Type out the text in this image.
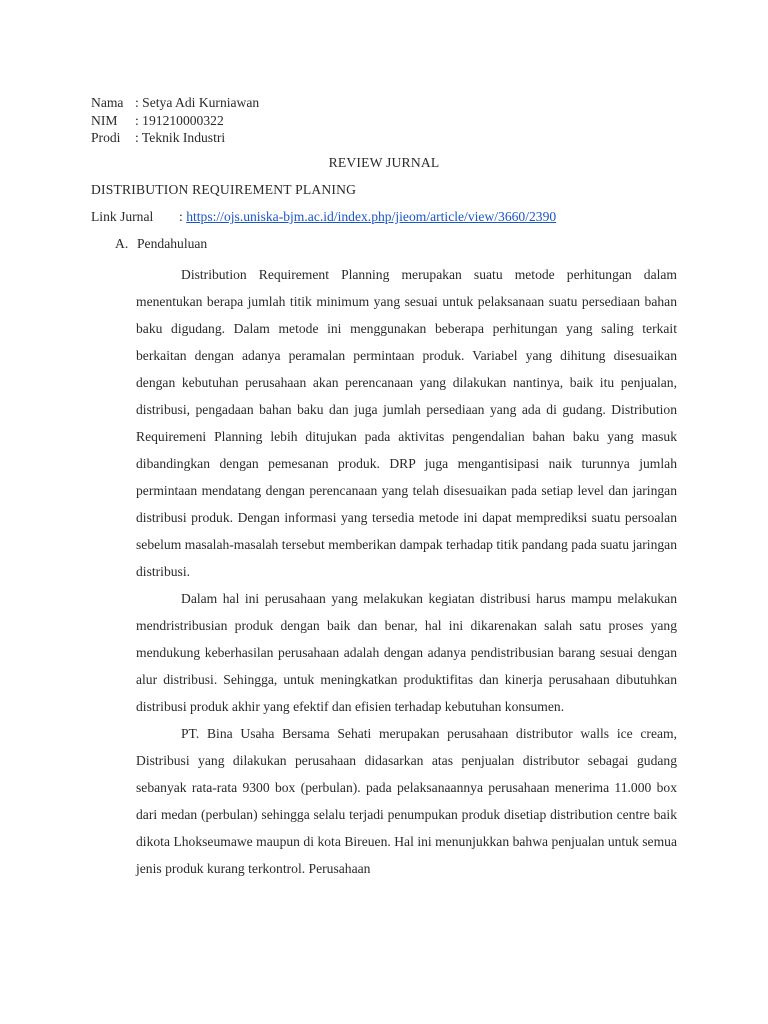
Nama : Setya Adi Kurniawan
NIM	: 191210000322
Prodi	: Teknik Industri
REVIEW JURNAL
DISTRIBUTION REQUIREMENT PLANING
Link Jurnal : https://ojs.uniska-bjm.ac.id/index.php/jieom/article/view/3660/2390
A. Pendahuluan

Distribution Requirement Planning merupakan suatu metode perhitungan dalam menentukan berapa jumlah titik minimum yang sesuai untuk pelaksanaan suatu persediaan bahan baku digudang. Dalam metode ini menggunakan beberapa perhitungan yang saling terkait berkaitan dengan adanya peramalan permintaan produk. Variabel yang dihitung disesuaikan dengan kebutuhan perusahaan akan perencanaan yang dilakukan nantinya, baik itu penjualan, distribusi, pengadaan bahan baku dan juga jumlah persediaan yang ada di gudang. Distribution Requiremeni Planning lebih ditujukan pada aktivitas pengendalian bahan baku yang masuk dibandingkan dengan pemesanan produk. DRP juga mengantisipasi naik turunnya jumlah permintaan mendatang dengan perencanaan yang telah disesuaikan pada setiap level dan jaringan distribusi produk. Dengan informasi yang tersedia metode ini dapat memprediksi suatu persoalan sebelum masalah-masalah tersebut memberikan dampak terhadap titik pandang pada suatu jaringan distribusi.

Dalam hal ini perusahaan yang melakukan kegiatan distribusi harus mampu melakukan mendristribusian produk dengan baik dan benar, hal ini dikarenakan salah satu proses yang mendukung keberhasilan perusahaan adalah dengan adanya pendistribusian barang sesuai dengan alur distribusi. Sehingga, untuk meningkatkan produktifitas dan kinerja perusahaan dibutuhkan distribusi produk akhir yang efektif dan efisien terhadap kebutuhan konsumen.

PT. Bina Usaha Bersama Sehati merupakan perusahaan distributor walls ice cream, Distribusi yang dilakukan perusahaan didasarkan atas penjualan distributor sebagai gudang sebanyak rata-rata 9300 box (perbulan). pada pelaksanaannya perusahaan menerima 11.000 box dari medan (perbulan) sehingga selalu terjadi penumpukan produk disetiap distribution centre baik dikota Lhokseumawe maupun di kota Bireuen. Hal ini menunjukkan bahwa penjualan untuk semua jenis produk kurang terkontrol. Perusahaan
